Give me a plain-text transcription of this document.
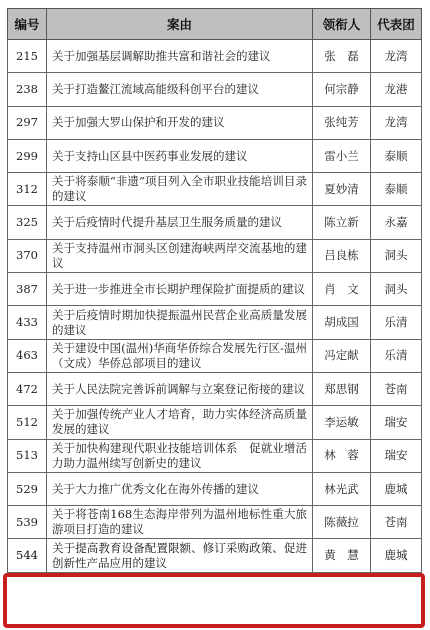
编号	案由	领衔人	代表团
215	关于加强基层调解助推共富和谐社会的建议	张　磊	龙湾
238	关于打造鳌江流域高能级科创平台的建议	何宗静	龙港
297	关于加强大罗山保护和开发的建议	张纯芳	龙湾
299	关于支持山区县中医药事业发展的建议	雷小兰	泰顺
312	关于将泰顺“非遗”项目列入全市职业技能培训目录的建议	夏妙清	泰顺
325	关于后疫情时代提升基层卫生服务质量的建议	陈立新	永嘉
370	关于支持温州市洞头区创建海峡两岸交流基地的建议	吕良栋	洞头
387	关于进一步推进全市长期护理保险扩面提质的建议	肖　文	洞头
433	关于后疫情时期加快提振温州民营企业高质量发展的建议	胡成国	乐清
463	关于建设中国(温州)华商华侨综合发展先行区-温州（文成）华侨总部项目的建议	冯定献	乐清
472	关于人民法院完善诉前调解与立案登记衔接的建议	郑思钢	苍南
512	关于加强传统产业人才培育，助力实体经济高质量发展的建议	李运敏	瑞安
513	关于加快构建现代职业技能培训体系　促就业增活力助力温州续写创新史的建议	林　蓉	瑞安
529	关于大力推广优秀文化在海外传播的建议	林光武	鹿城
539	关于将苍南168生态海岸带列为温州地标性重大旅游项目打造的建议	陈薇拉	苍南
544	关于提高教育设备配置限额、修订采购政策、促进创新性产品应用的建议	黄　慧	鹿城
